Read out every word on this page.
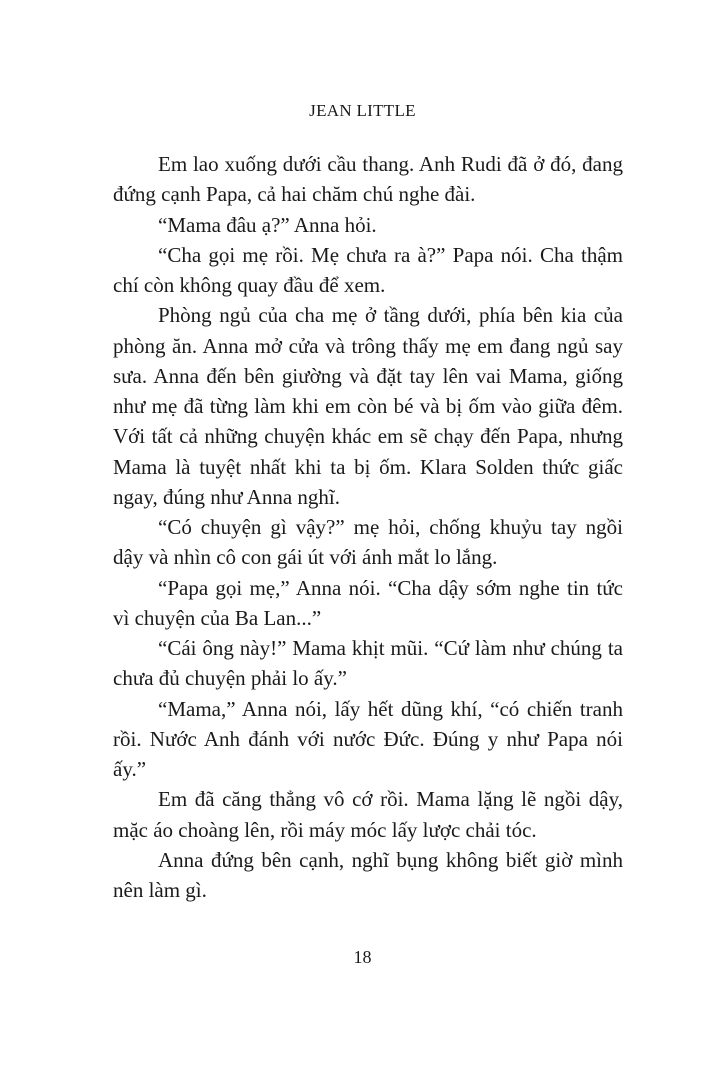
JEAN LITTLE

Em lao xuống dưới cầu thang. Anh Rudi đã ở đó, đang đứng cạnh Papa, cả hai chăm chú nghe đài.

“Mama đâu ạ?” Anna hỏi.

“Cha gọi mẹ rồi. Mẹ chưa ra à?” Papa nói. Cha thậm chí còn không quay đầu để xem.

Phòng ngủ của cha mẹ ở tầng dưới, phía bên kia của phòng ăn. Anna mở cửa và trông thấy mẹ em đang ngủ say sưa. Anna đến bên giường và đặt tay lên vai Mama, giống như mẹ đã từng làm khi em còn bé và bị ốm vào giữa đêm. Với tất cả những chuyện khác em sẽ chạy đến Papa, nhưng Mama là tuyệt nhất khi ta bị ốm. Klara Solden thức giấc ngay, đúng như Anna nghĩ.

“Có chuyện gì vậy?” mẹ hỏi, chống khuỷu tay ngồi dậy và nhìn cô con gái út với ánh mắt lo lắng.

“Papa gọi mẹ,” Anna nói. “Cha dậy sớm nghe tin tức vì chuyện của Ba Lan...”

“Cái ông này!” Mama khịt mũi. “Cứ làm như chúng ta chưa đủ chuyện phải lo ấy.”

“Mama,” Anna nói, lấy hết dũng khí, “có chiến tranh rồi. Nước Anh đánh với nước Đức. Đúng y như Papa nói ấy.”

Em đã căng thẳng vô cớ rồi. Mama lặng lẽ ngồi dậy, mặc áo choàng lên, rồi máy móc lấy lược chải tóc.

Anna đứng bên cạnh, nghĩ bụng không biết giờ mình nên làm gì.

18
